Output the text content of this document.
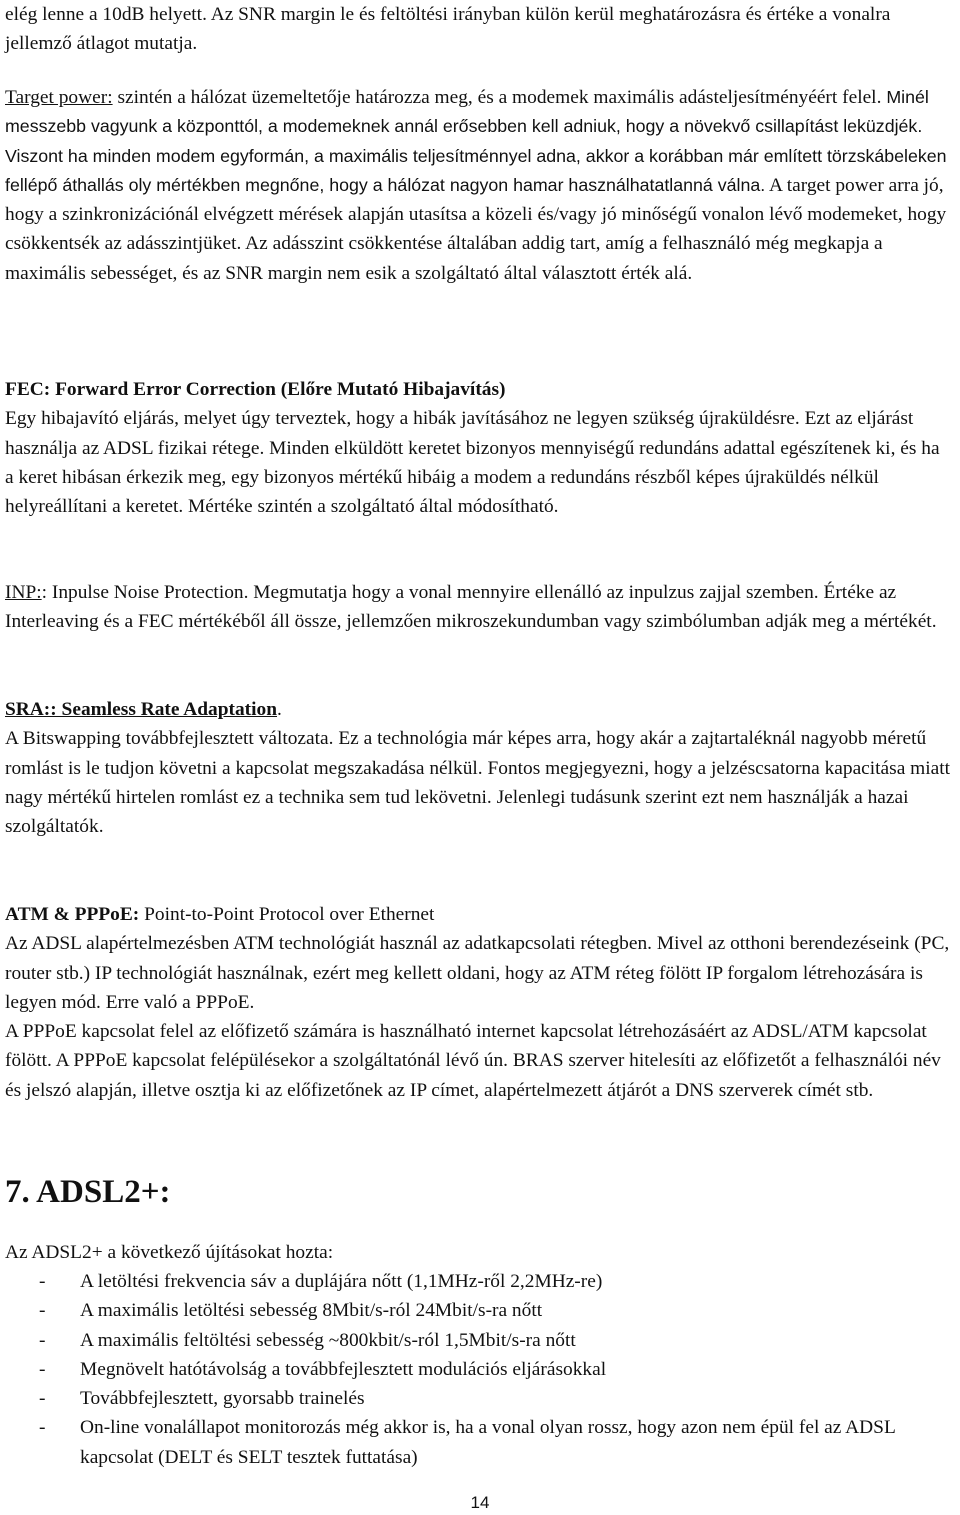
elég lenne a 10dB helyett. Az SNR margin le és feltöltési irányban külön kerül meghatározásra és értéke a vonalra jellemző átlagot mutatja.

Target power: szintén a hálózat üzemeltetője határozza meg, és a modemek maximális adásteljesítményéért felel. Minél messzebb vagyunk a központtól, a modemeknek annál erősebben kell adniuk, hogy a növekvő csillapítást leküzdjék. Viszont ha minden modem egyformán, a maximális teljesítménnyel adna, akkor a korábban már említett törzskábeleken fellépő áthallás oly mértékben megnőne, hogy a hálózat nagyon hamar használhatatlanná válna. A target power arra jó, hogy a szinkronizációnál elvégzett mérések alapján utasítsa a közeli és/vagy jó minőségű vonalon lévő modemeket, hogy csökkentsék az adásszintjüket. Az adásszint csökkentése általában addig tart, amíg a felhasználó még megkapja a maximális sebességet, és az SNR margin nem esik a szolgáltató által választott érték alá.

FEC: Forward Error Correction (Előre Mutató Hibajavítás)
Egy hibajavító eljárás, melyet úgy terveztek, hogy a hibák javításához ne legyen szükség újraküldésre. Ezt az eljárást használja az ADSL fizikai rétege. Minden elküldött keretet bizonyos mennyiségű redundáns adattal egészítenek ki, és ha a keret hibásan érkezik meg, egy bizonyos mértékű hibáig a modem a redundáns részből képes újraküldés nélkül helyreállítani a keretet. Mértéke szintén a szolgáltató által módosítható.

INP:: Inpulse Noise Protection. Megmutatja hogy a vonal mennyire ellenálló az inpulzus zajjal szemben. Értéke az Interleaving és a FEC mértékéből áll össze, jellemzően mikroszekundumban vagy szimbólumban adják meg a mértékét.

SRA:: Seamless Rate Adaptation.
A Bitswapping továbbfejlesztett változata. Ez a technológia már képes arra, hogy akár a zajtartaléknál nagyobb méretű romlást is le tudjon követni a kapcsolat megszakadása nélkül. Fontos megjegyezni, hogy a jelzéscsatorna kapacitása miatt nagy mértékű hirtelen romlást ez a technika sem tud lekövetni. Jelenlegi tudásunk szerint ezt nem használják a hazai szolgáltatók.

ATM & PPPoE: Point-to-Point Protocol over Ethernet
Az ADSL alapértelmezésben ATM technológiát használ az adatkapcsolati rétegben. Mivel az otthoni berendezéseink (PC, router stb.) IP technológiát használnak, ezért meg kellett oldani, hogy az ATM réteg fölött IP forgalom létrehozására is legyen mód. Erre való a PPPoE.
A PPPoE kapcsolat felel az előfizető számára is használható internet kapcsolat létrehozásáért az ADSL/ATM kapcsolat fölött. A PPPoE kapcsolat felépülésekor a szolgáltatónál lévő ún. BRAS szerver hitelesíti az előfizetőt a felhasználói név és jelszó alapján, illetve osztja ki az előfizetőnek az IP címet, alapértelmezett átjárót a DNS szerverek címét stb.

7. ADSL2+:

Az ADSL2+ a következő újításokat hozta:

- A letöltési frekvencia sáv a duplájára nőtt (1,1MHz-ről 2,2MHz-re)
- A maximális letöltési sebesség 8Mbit/s-ról 24Mbit/s-ra nőtt
- A maximális feltöltési sebesség ~800kbit/s-ról 1,5Mbit/s-ra nőtt
- Megnövelt hatótávolság a továbbfejlesztett modulációs eljárásokkal
- Továbbfejlesztett, gyorsabb trainelés
- On-line vonalállapot monitorozás még akkor is, ha a vonal olyan rossz, hogy azon nem épül fel az ADSL kapcsolat (DELT és SELT tesztek futtatása)

14
